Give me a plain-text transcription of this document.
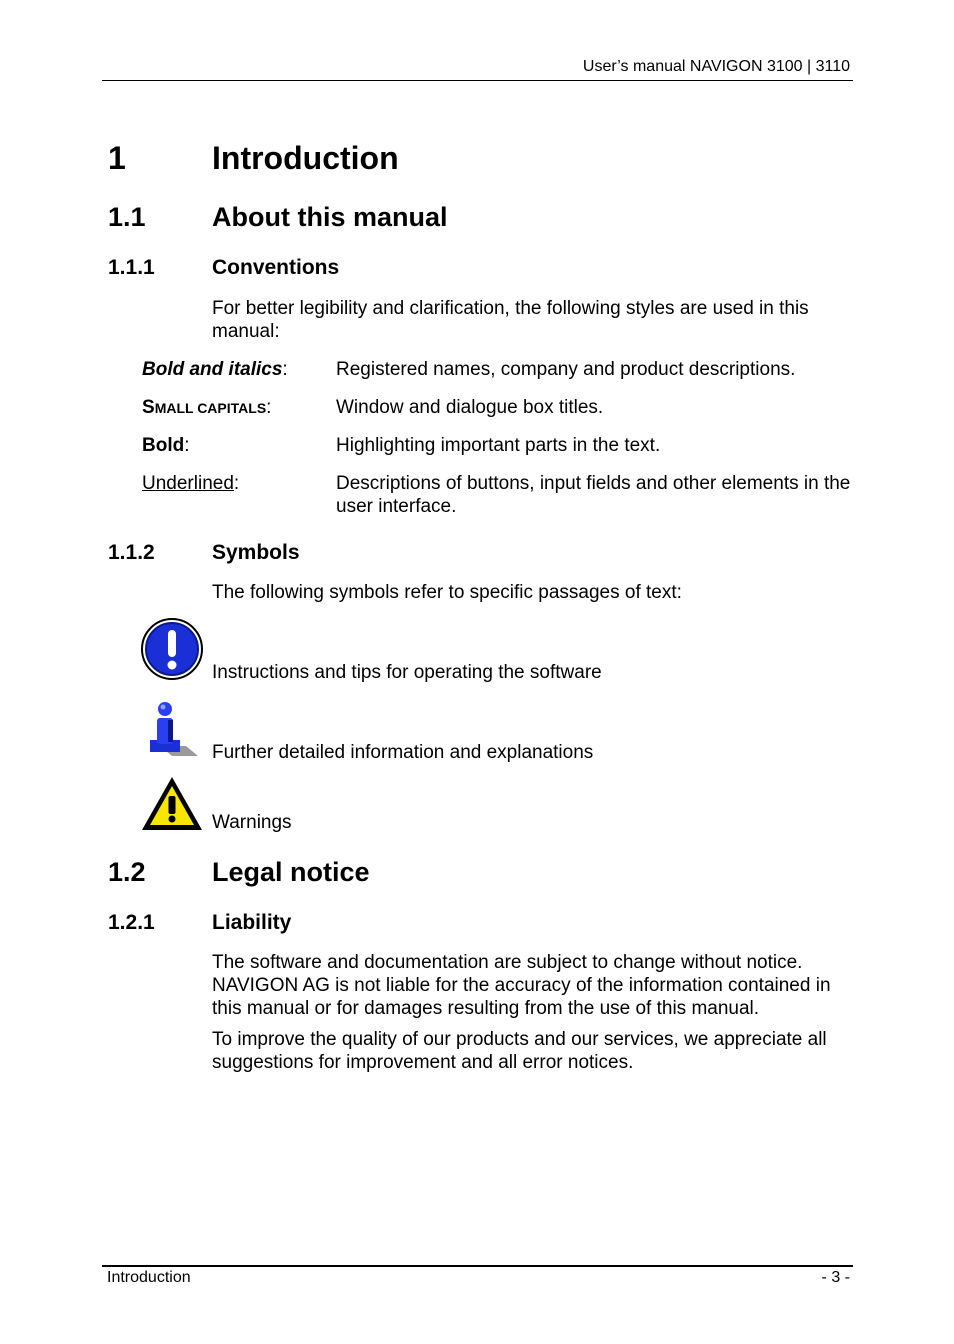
User’s manual NAVIGON 3100 | 3110
1	Introduction
1.1 About this manual
1.1.1	Conventions
For better legibility and clarification, the following styles are used in this manual:
Bold and italics:	Registered names, company and product descriptions.
SMALL CAPITALS:	Window and dialogue box titles.
Bold:	Highlighting important parts in the text.
Underlined:	Descriptions of buttons, input fields and other elements in the user interface.
1.1.2	Symbols
The following symbols refer to specific passages of text:
Instructions and tips for operating the software
Further detailed information and explanations
Warnings
1.2 Legal notice
1.2.1	Liability
The software and documentation are subject to change without notice. NAVIGON AG is not liable for the accuracy of the information contained in this manual or for damages resulting from the use of this manual.
To improve the quality of our products and our services, we appreciate all suggestions for improvement and all error notices.
Introduction	- 3 -
